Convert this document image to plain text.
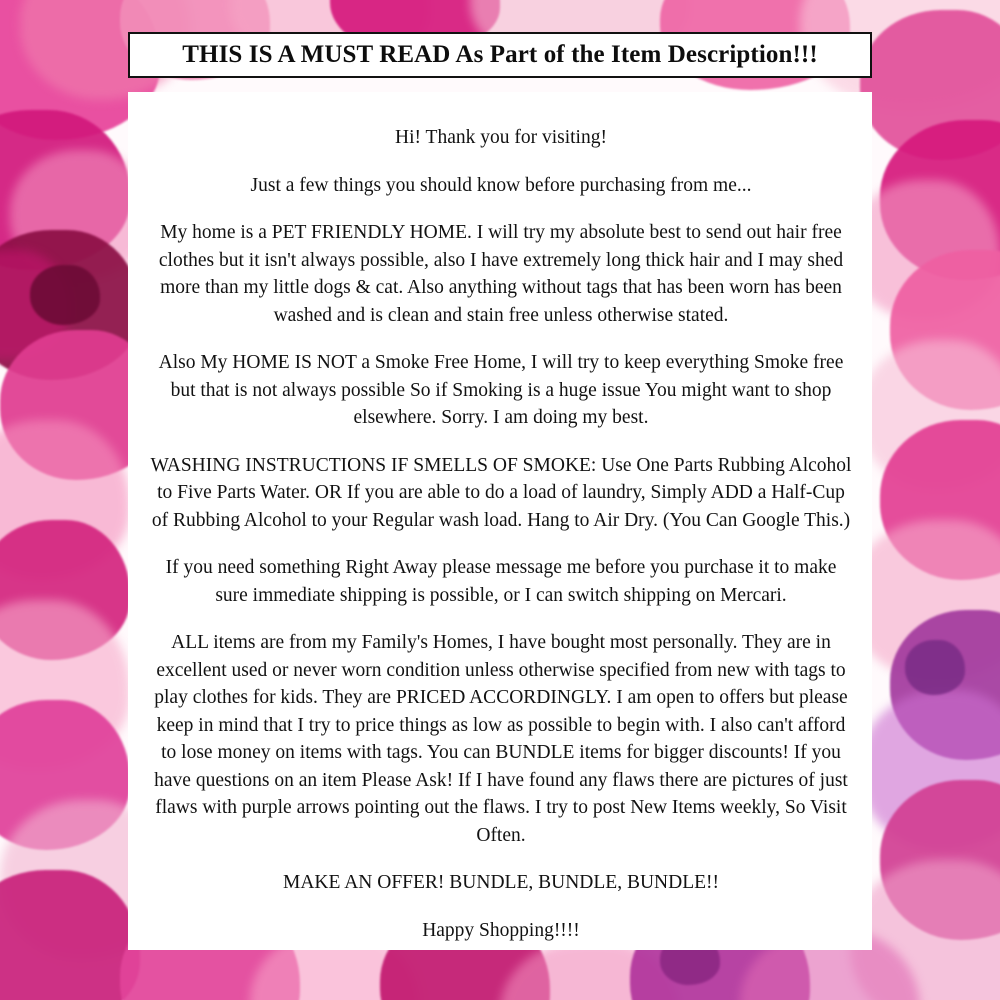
THIS IS A MUST READ As Part of the Item Description!!!

Hi! Thank you for visiting!

Just a few things you should know before purchasing from me...

My home is a PET FRIENDLY HOME. I will try my absolute best to send out hair free clothes but it isn't always possible, also I have extremely long thick hair and I may shed more than my little dogs & cat. Also anything without tags that has been worn has been washed and is clean and stain free unless otherwise stated.

Also My HOME IS NOT a Smoke Free Home, I will try to keep everything Smoke free but that is not always possible So if Smoking is a huge issue You might want to shop elsewhere. Sorry. I am doing my best.

WASHING INSTRUCTIONS IF SMELLS OF SMOKE: Use One Parts Rubbing Alcohol to Five Parts Water. OR If you are able to do a load of laundry, Simply ADD a Half-Cup of Rubbing Alcohol to your Regular wash load. Hang to Air Dry. (You Can Google This.)

If you need something Right Away please message me before you purchase it to make sure immediate shipping is possible, or I can switch shipping on Mercari.

ALL items are from my Family's Homes, I have bought most personally. They are in excellent used or never worn condition unless otherwise specified from new with tags to play clothes for kids. They are PRICED ACCORDINGLY. I am open to offers but please keep in mind that I try to price things as low as possible to begin with. I also can't afford to lose money on items with tags. You can BUNDLE items for bigger discounts! If you have questions on an item Please Ask! If I have found any flaws there are pictures of just flaws with purple arrows pointing out the flaws. I try to post New Items weekly, So Visit Often.

MAKE AN OFFER! BUNDLE, BUNDLE, BUNDLE!!

Happy Shopping!!!!
